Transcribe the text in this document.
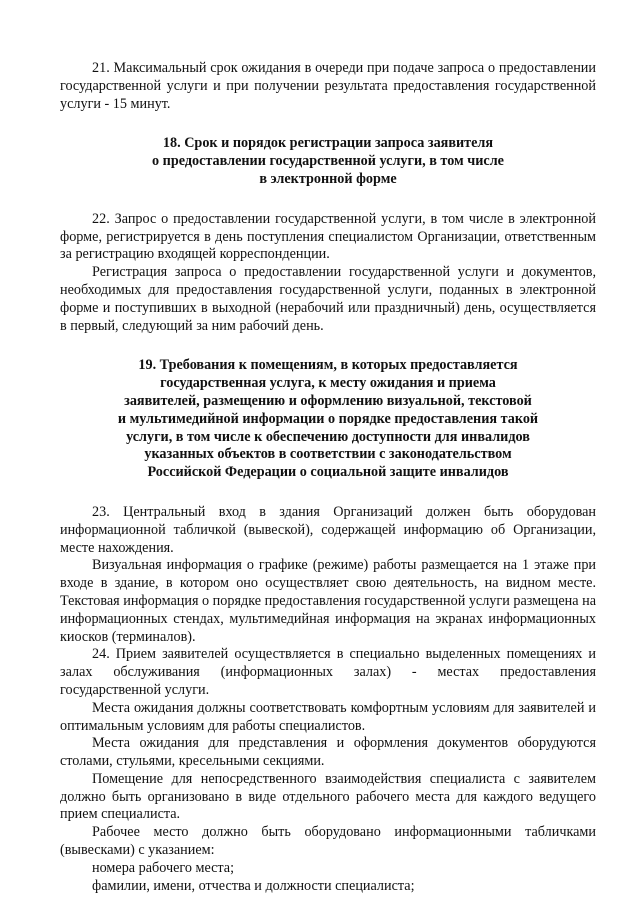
21. Максимальный срок ожидания в очереди при подаче запроса о предоставлении государственной услуги и при получении результата предоставления государственной услуги - 15 минут.

18. Срок и порядок регистрации запроса заявителя
о предоставлении государственной услуги, в том числе
в электронной форме

22. Запрос о предоставлении государственной услуги, в том числе в электронной форме, регистрируется в день поступления специалистом Организации, ответственным за регистрацию входящей корреспонденции.

Регистрация запроса о предоставлении государственной услуги и документов, необходимых для предоставления государственной услуги, поданных в электронной форме и поступивших в выходной (нерабочий или праздничный) день, осуществляется в первый, следующий за ним рабочий день.

19. Требования к помещениям, в которых предоставляется
государственная услуга, к месту ожидания и приема
заявителей, размещению и оформлению визуальной, текстовой
и мультимедийной информации о порядке предоставления такой
услуги, в том числе к обеспечению доступности для инвалидов
указанных объектов в соответствии с законодательством
Российской Федерации о социальной защите инвалидов

23. Центральный вход в здания Организаций должен быть оборудован информационной табличкой (вывеской), содержащей информацию об Организации, месте нахождения.

Визуальная информация о графике (режиме) работы размещается на 1 этаже при входе в здание, в котором оно осуществляет свою деятельность, на видном месте. Текстовая информация о порядке предоставления государственной услуги размещена на информационных стендах, мультимедийная информация на экранах информационных киосков (терминалов).

24. Прием заявителей осуществляется в специально выделенных помещениях и залах обслуживания (информационных залах) - местах предоставления государственной услуги.

Места ожидания должны соответствовать комфортным условиям для заявителей и оптимальным условиям для работы специалистов.

Места ожидания для представления и оформления документов оборудуются столами, стульями, кресельными секциями.

Помещение для непосредственного взаимодействия специалиста с заявителем должно быть организовано в виде отдельного рабочего места для каждого ведущего прием специалиста.

Рабочее место должно быть оборудовано информационными табличками (вывесками) с указанием:

номера рабочего места;

фамилии, имени, отчества и должности специалиста;
